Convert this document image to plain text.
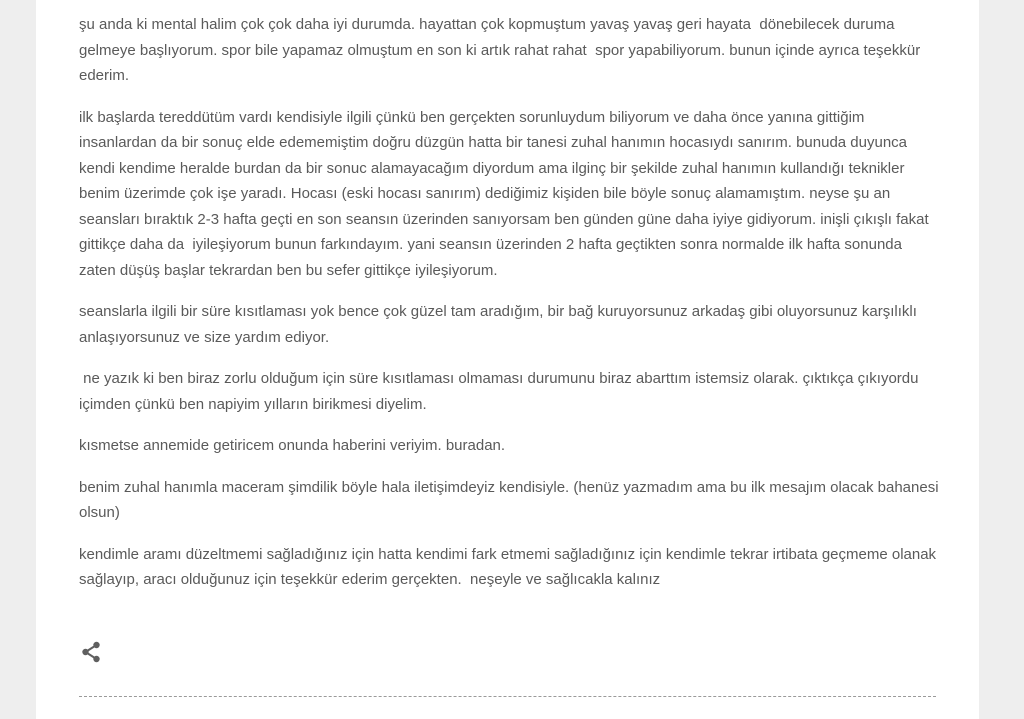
şu anda ki mental halim çok çok daha iyi durumda. hayattan çok kopmuştum yavaş yavaş geri hayata  dönebilecek duruma gelmeye başlıyorum. spor bile yapamaz olmuştum en son ki artık rahat rahat  spor yapabiliyorum. bunun içinde ayrıca teşekkür ederim.

ilk başlarda tereddütüm vardı kendisiyle ilgili çünkü ben gerçekten sorunluydum biliyorum ve daha önce yanına gittiğim insanlardan da bir sonuç elde edememiştim doğru düzgün hatta bir tanesi zuhal hanımın hocasıydı sanırım. bunuda duyunca kendi kendime heralde burdan da bir sonuc alamayacağım diyordum ama ilginç bir şekilde zuhal hanımın kullandığı teknikler benim üzerimde çok işe yaradı. Hocası (eski hocası sanırım) dediğimiz kişiden bile böyle sonuç alamamıştım. neyse şu an seansları bıraktık 2-3 hafta geçti en son seansın üzerinden sanıyorsam ben günden güne daha iyiye gidiyorum. inişli çıkışlı fakat gittikçe daha da  iyileşiyorum bunun farkındayım. yani seansın üzerinden 2 hafta geçtikten sonra normalde ilk hafta sonunda zaten düşüş başlar tekrardan ben bu sefer gittikçe iyileşiyorum.

seanslarla ilgili bir süre kısıtlaması yok bence çok güzel tam aradığım, bir bağ kuruyorsunuz arkadaş gibi oluyorsunuz karşılıklı anlaşıyorsunuz ve size yardım ediyor.

ne yazık ki ben biraz zorlu olduğum için süre kısıtlaması olmaması durumunu biraz abarttım istemsiz olarak. çıktıkça çıkıyordu içimden çünkü ben napiyim yılların birikmesi diyelim.

kısmetse annemide getiricem onunda haberini veriyim. buradan.

benim zuhal hanımla maceram şimdilik böyle hala iletişimdeyiz kendisiyle. (henüz yazmadım ama bu ilk mesajım olacak bahanesi olsun)

kendimle aramı düzeltmemi sağladığınız için hatta kendimi fark etmemi sağladığınız için kendimle tekrar irtibata geçmeme olanak sağlayıp, aracı olduğunuz için teşekkür ederim gerçekten.  neşeyle ve sağlıcakla kalınız
